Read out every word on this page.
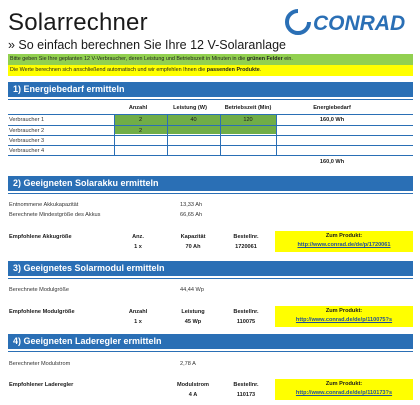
Solarrechner
» So einfach berechnen Sie Ihre 12 V-Solaranlage
CONRAD
Bitte geben Sie Ihre geplanten 12 V-Verbraucher, deren Leistung und Betriebszeit in Minuten in die grünen Felder ein.
Die Werte berechnen sich anschließend automatisch und wir empfehlen Ihnen die passenden Produkte.
1) Energiebedarf ermitteln
Anzahl	Leistung (W)	Betriebszeit (Min)	Energiebedarf
Verbraucher 1	2	40	120	160,0 Wh
Verbraucher 2	2
Verbraucher 3
Verbraucher 4
160,0 Wh
2) Geeigneten Solarakku ermitteln
Entnommene Akkukapazität	13,33 Ah
Berechnete Mindestgröße des Akkus	66,65 Ah
Empfohlene Akkugröße	Anz.	Kapazität	Bestellnr.
1 x	70 Ah	1720061
Zum Produkt:
http://www.conrad.de/de/p/1720061
3) Geeignetes Solarmodul ermitteln
Berechnete Modulgröße	44,44 Wp
Empfohlene Modulgröße	Anzahl	Leistung	Bestellnr.
1 x	45 Wp	110075
Zum Produkt:
http://www.conrad.de/de/p/110075?s
4) Geeigneten Laderegler ermitteln
Berechneter Modulstrom	2,78 A
Empfohlener Laderegler	Modulstrom	Bestellnr.
4 A	110173
Zum Produkt:
http://www.conrad.de/de/p/110173?s
